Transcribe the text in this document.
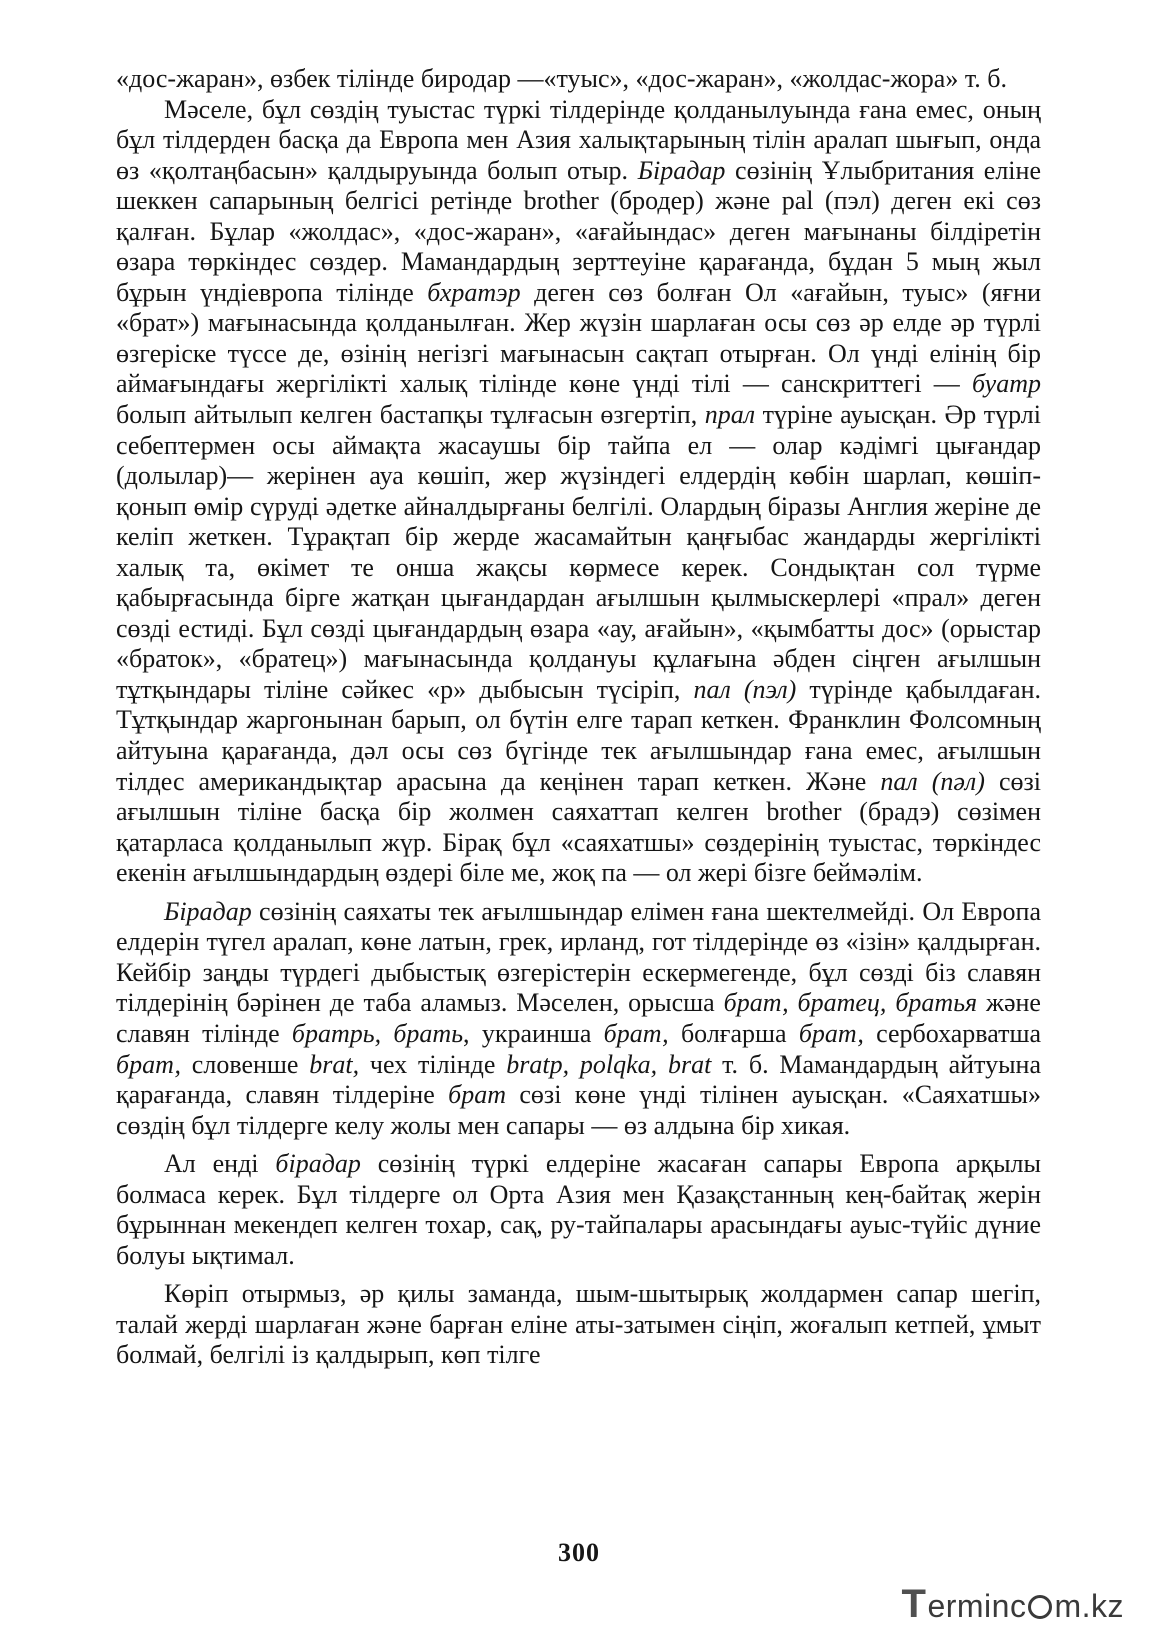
«дос-жаран», өзбек тілінде биродар —«туыс», «дос-жаран», «жолдас-жора» т. б.

Мәселе, бұл сөздің туыстас түркі тілдерінде қолданылуында ғана емес, оның бұл тілдерден басқа да Европа мен Азия халықтарының тілін аралап шығып, онда өз «қолтаңбасын» қалдыруында болып отыр. Бірадар сөзінің Ұлыбритания еліне шеккен сапарының белгісі ретінде brother (бродер) және pal (пэл) деген екі сөз қалған. Бұлар «жолдас», «дос-жаран», «ағайындас» деген мағынаны білдіретін өзара төркіндес сөздер. Мамандардың зерттеуіне қарағанда, бұдан 5 мың жыл бұрын үндіеврoпа тілінде бхратэр деген сөз болған Ол «ағайын, туыс» (яғни «брат») мағынасында қолданылған. Жер жүзін шарлаған осы сөз әр елде әр түрлі өзгеріске түссе де, өзінің негізгі мағынасын сақтап отырған. Ол үнді елінің бір аймағындағы жергілікті халық тілінде көне үнді тілі — санскриттегі — буатр болып айтылып келген бастапқы тұлғасын өзгертіп, прал түріне ауысқан. Әр түрлі себептермен осы аймақта жасаушы бір тайпа ел — олар кәдімгі цығандар (долылар)— жерінен ауа көшіп, жер жүзіндегі елдердің көбін шарлап, көшіп-қонып өмір сүруді әдетке айналдырғаны белгілі. Олардың біразы Англия жеріне де келіп жеткен. Тұрақтап бір жерде жасамайтын қаңғыбас жандарды жергілікті халық та, өкімет те онша жақсы көрмесе керек. Сондықтан сол түрме қабырғасында бірге жатқан цығандардан ағылшын қылмыскерлері «прал» деген сөзді естиді. Бұл сөзді цығандардың өзара «ау, ағайын», «қымбатты дос» (орыстар «браток», «братец») мағынасында қолдануы құлағына әбден сіңген ағылшын тұтқындары тіліне сәйкес «р» дыбысын түсіріп, пал (пэл) түрінде қабылдаған. Тұтқындар жаргонынан барып, ол бүтін елге тарап кеткен. Франклин Фолсомның айтуына қарағанда, дәл осы сөз бүгінде тек ағылшындар ғана емес, ағылшын тілдес американдықтар арасына да кеңінен тарап кеткен. Және пал (пәл) сөзі ағылшын тіліне басқа бір жолмен саяхаттап келген brother (брадэ) сөзімен қатарласа қолданылып жүр. Бірақ бұл «саяхатшы» сөздерінің туыстас, төркіндес екенін ағылшындардың өздері біле ме, жоқ па — ол жері бізге беймәлім.

Бірадар сөзінің саяхаты тек ағылшындар елімен ғана шектелмейді. Ол Европа елдерін түгел аралап, көне латын, грек, ирланд, гот тілдерінде өз «ізін» қалдырған. Кейбір заңды түрдегі дыбыстық өзгерістерін ескермегенде, бұл сөзді біз славян тілдерінің бәрінен де таба аламыз. Мәселен, орысша брат, братец, братья және славян тілінде братрь, брать, украинша брат, болғарша брат, сербохарватша брат, словенше brat, чех тілінде bratp, polqka, brat т. б. Мамандардың айтуына қарағанда, славян тілдеріне брат сөзі көне үнді тілінен ауысқан. «Саяхатшы» сөздің бұл тілдерге келу жолы мен сапары — өз алдына бір хикая.

Ал енді бірадар сөзінің түркі елдеріне жасаған сапары Европа арқылы болмаса керек. Бұл тілдерге ол Орта Азия мен Қазақстанның кең-байтақ жерін бұрыннан мекендеп келген тохар, сақ, ру-тайпалары арасындағы ауыс-түйіс дүние болуы ықтимал.

Көріп отырмыз, әр қилы заманда, шым-шытырық жолдармен сапар шегіп, талай жерді шарлаған және барған еліне аты-затымен сіңіп, жоғалып кетпей, ұмыт болмай, белгілі із қалдырып, көп тілге

300
T erminc m.kz
